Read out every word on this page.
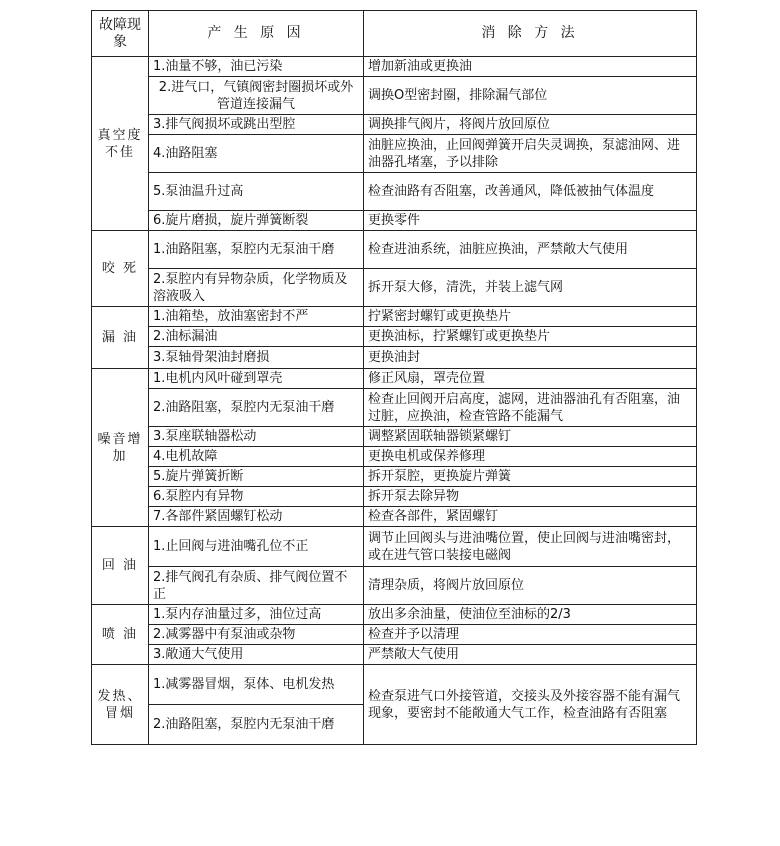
故障现象	产 生 原 因	消 除 方 法
真空度不佳	1.油量不够，油已污染	增加新油或更换油
	2.进气口，气镇阀密封圈损坏或外管道连接漏气	调换O型密封圈，排除漏气部位
	3.排气阀损坏或跳出型腔	调换排气阀片，将阀片放回原位
	4.油路阻塞	油脏应换油，止回阀弹簧开启失灵调换，泵滤油网、进油器孔堵塞，予以排除
	5.泵油温升过高	检查油路有否阻塞，改善通风，降低被抽气体温度
	6.旋片磨损，旋片弹簧断裂	更换零件
咬 死	1.油路阻塞，泵腔内无泵油干磨	检查进油系统，油脏应换油，严禁敞大气使用
	2.泵腔内有异物杂质，化学物质及溶液吸入	拆开泵大修，清洗，并装上滤气网
漏 油	1.油箱垫，放油塞密封不严	拧紧密封螺钉或更换垫片
	2.油标漏油	更换油标，拧紧螺钉或更换垫片
	3.泵轴骨架油封磨损	更换油封
噪音增加	1.电机内风叶碰到罩壳	修正风扇，罩壳位置
	2.油路阻塞，泵腔内无泵油干磨	检查止回阀开启高度，滤网，进油器油孔有否阻塞，油过脏，应换油，检查管路不能漏气
	3.泵座联轴器松动	调整紧固联轴器锁紧螺钉
	4.电机故障	更换电机或保养修理
	5.旋片弹簧折断	拆开泵腔，更换旋片弹簧
	6.泵腔内有异物	拆开泵去除异物
	7.各部件紧固螺钉松动	检查各部件，紧固螺钉
回 油	1.止回阀与进油嘴孔位不正	调节止回阀头与进油嘴位置，使止回阀与进油嘴密封，或在进气管口装接电磁阀
	2.排气阀孔有杂质、排气阀位置不正	清理杂质，将阀片放回原位
喷 油	1.泵内存油量过多，油位过高	放出多余油量，使油位至油标的2/3
	2.减雾器中有泵油或杂物	检查并予以清理
	3.敞通大气使用	严禁敞大气使用
发热、冒烟	1.减雾器冒烟，泵体、电机发热	检查泵进气口外接管道，交接头及外接容器不能有漏气现象，要密封不能敞通大气工作，检查油路有否阻塞
	2.油路阻塞，泵腔内无泵油干磨	
